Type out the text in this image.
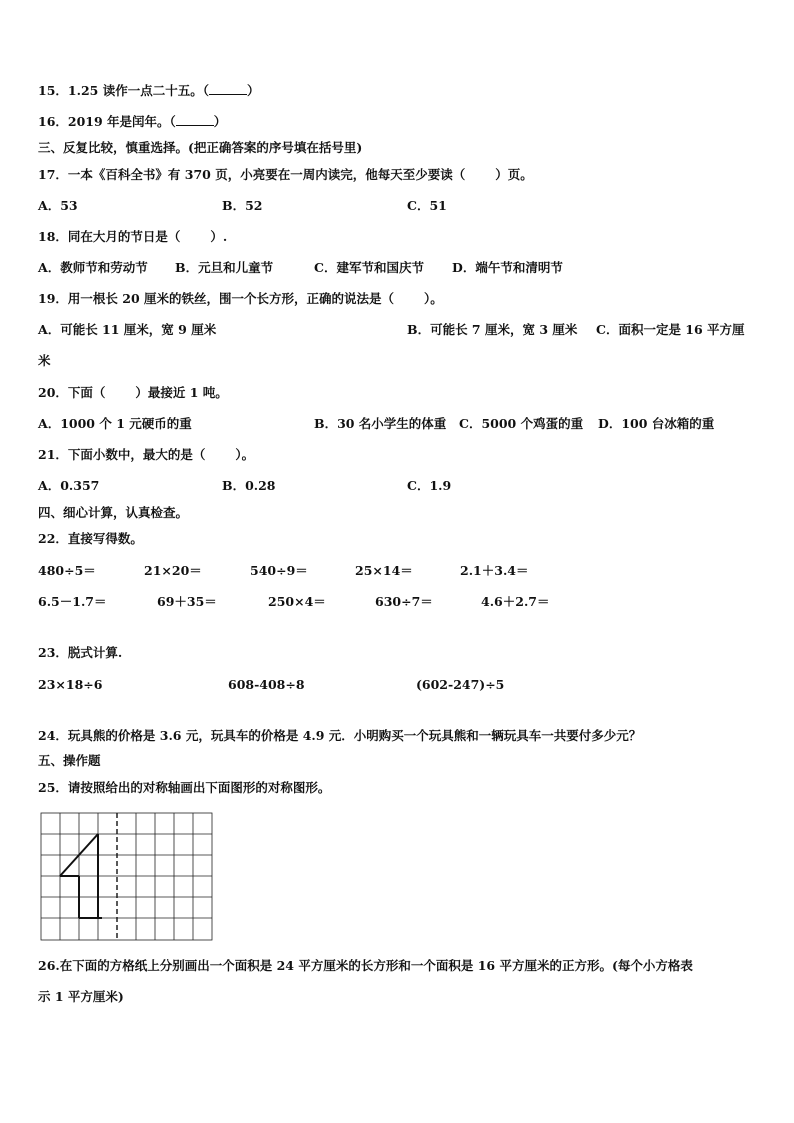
15．1.25 读作一点二十五。（	）
16．2019 年是闰年。（	）
三、反复比较，慎重选择。(把正确答案的序号填在括号里)
17．一本《百科全书》有 370 页，小亮要在一周内读完，他每天至少要读（ ）页。
A．53	B．52	C．51
18．同在大月的节日是（ ）.
A．教师节和劳动节 B．元旦和儿童节	C．建军节和国庆节 D．端午节和清明节
19．用一根长 20 厘米的铁丝，围一个长方形，正确的说法是（ ）。
A．可能长 11 厘米，宽 9 厘米	B．可能长 7 厘米，宽 3 厘米 C．面积一定是 16 平方厘
米
20．下面（ ）最接近 1 吨。
A．1000 个 1 元硬币的重	B．30 名小学生的体重 C．5000 个鸡蛋的重 D．100 台冰箱的重
21．下面小数中，最大的是（ ）。
A．0.357	B．0.28	C．1.9
四、细心计算，认真检查。
22．直接写得数。
480÷5＝	21×20＝	540÷9＝	25×14＝	2.1＋3.4＝
6.5－1.7＝	69＋35＝	250×4＝	630÷7＝	4.6＋2.7＝
23．脱式计算.
23×18÷6	608-408÷8	(602-247)÷5
24．玩具熊的价格是 3.6 元，玩具车的价格是 4.9 元．小明购买一个玩具熊和一辆玩具车一共要付多少元？
五、操作题
25．请按照给出的对称轴画出下面图形的对称图形。
26.在下面的方格纸上分别画出一个面积是 24 平方厘米的长方形和一个面积是 16 平方厘米的正方形。(每个小方格表
示 1 平方厘米)
